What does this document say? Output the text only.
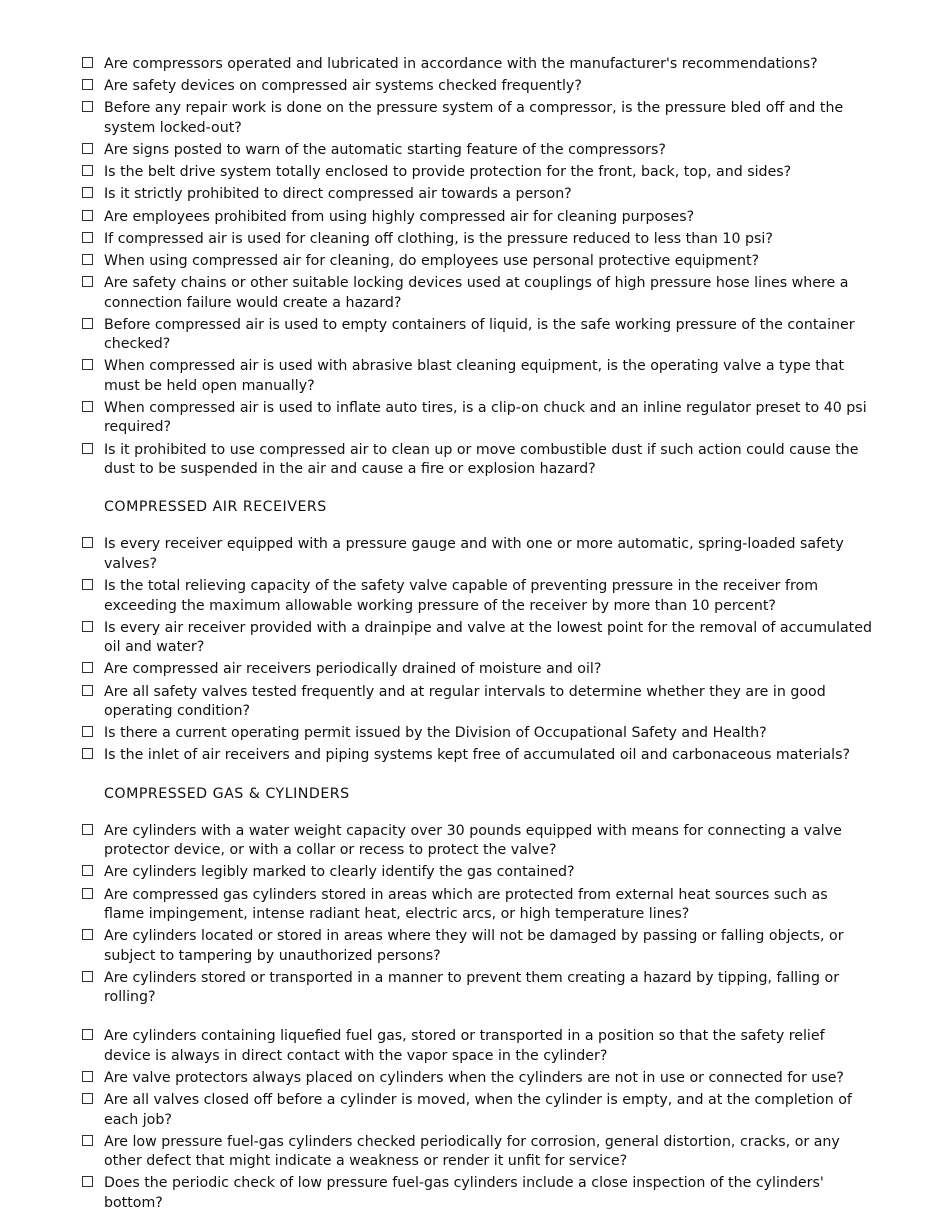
Are compressors operated and lubricated in accordance with the manufacturer's recommendations?
Are safety devices on compressed air systems checked frequently?
Before any repair work is done on the pressure system of a compressor, is the pressure bled off and the system locked-out?
Are signs posted to warn of the automatic starting feature of the compressors?
Is the belt drive system totally enclosed to provide protection for the front, back, top, and sides?
Is it strictly prohibited to direct compressed air towards a person?
Are employees prohibited from using highly compressed air for cleaning purposes?
If compressed air is used for cleaning off clothing, is the pressure reduced to less than 10 psi?
When using compressed air for cleaning, do employees use personal protective equipment?
Are safety chains or other suitable locking devices used at couplings of high pressure hose lines where a connection failure would create a hazard?
Before compressed air is used to empty containers of liquid, is the safe working pressure of the container checked?
When compressed air is used with abrasive blast cleaning equipment, is the operating valve a type that must be held open manually?
When compressed air is used to inflate auto tires, is a clip-on chuck and an inline regulator preset to 40 psi required?
Is it prohibited to use compressed air to clean up or move combustible dust if such action could cause the dust to be suspended in the air and cause a fire or explosion hazard?
COMPRESSED AIR RECEIVERS
Is every receiver equipped with a pressure gauge and with one or more automatic, spring-loaded safety valves?
Is the total relieving capacity of the safety valve capable of preventing pressure in the receiver from exceeding the maximum allowable working pressure of the receiver by more than 10 percent?
Is every air receiver provided with a drainpipe and valve at the lowest point for the removal of accumulated oil and water?
Are compressed air receivers periodically drained of moisture and oil?
Are all safety valves tested frequently and at regular intervals to determine whether they are in good operating condition?
Is there a current operating permit issued by the Division of Occupational Safety and Health?
Is the inlet of air receivers and piping systems kept free of accumulated oil and carbonaceous materials?
COMPRESSED GAS & CYLINDERS
Are cylinders with a water weight capacity over 30 pounds equipped with means for connecting a valve protector device, or with a collar or recess to protect the valve?
Are cylinders legibly marked to clearly identify the gas contained?
Are compressed gas cylinders stored in areas which are protected from external heat sources such as flame impingement, intense radiant heat, electric arcs, or high temperature lines?
Are cylinders located or stored in areas where they will not be damaged by passing or falling objects, or subject to tampering by unauthorized persons?
Are cylinders stored or transported in a manner to prevent them creating a hazard by tipping, falling or rolling?
Are cylinders containing liquefied fuel gas, stored or transported in a position so that the safety relief device is always in direct contact with the vapor space in the cylinder?
Are valve protectors always placed on cylinders when the cylinders are not in use or connected for use?
Are all valves closed off before a cylinder is moved, when the cylinder is empty, and at the completion of each job?
Are low pressure fuel-gas cylinders checked periodically for corrosion, general distortion, cracks, or any other defect that might indicate a weakness or render it unfit for service?
Does the periodic check of low pressure fuel-gas cylinders include a close inspection of the cylinders' bottom?
